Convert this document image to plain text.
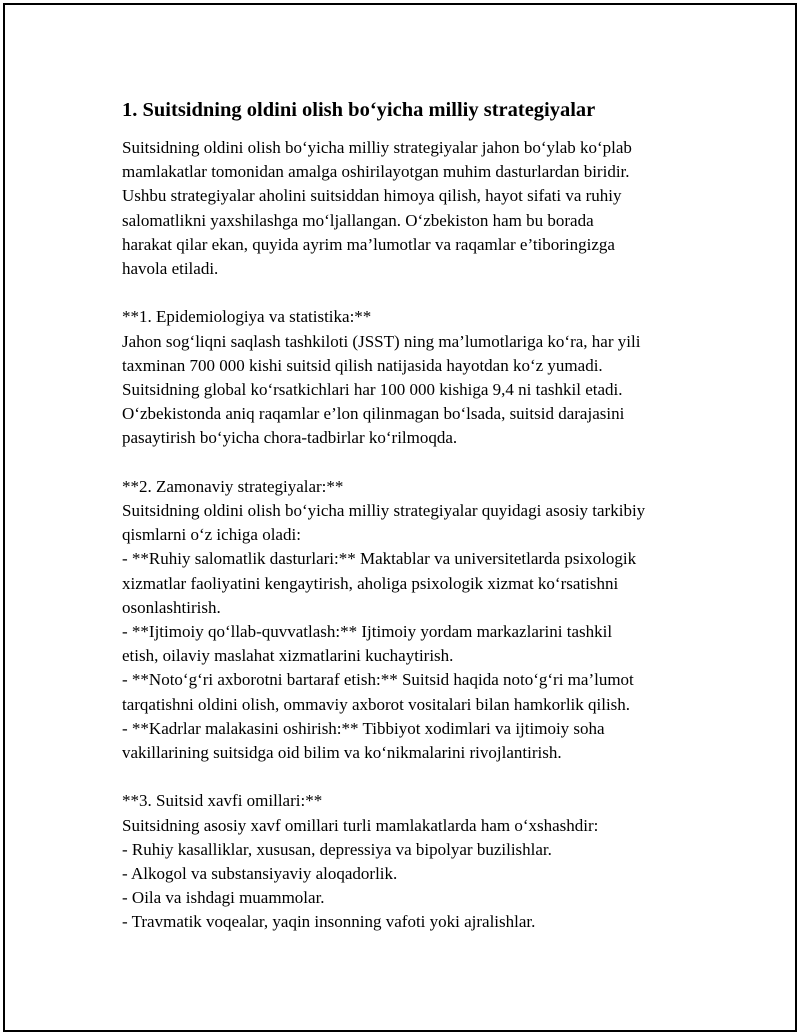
1. Suitsidning oldini olish bo‘yicha milliy strategiyalar

Suitsidning oldini olish bo‘yicha milliy strategiyalar jahon bo‘ylab ko‘plab

mamlakatlar tomonidan amalga oshirilayotgan muhim dasturlardan biridir.

Ushbu strategiyalar aholini suitsiddan himoya qilish, hayot sifati va ruhiy

salomatlikni yaxshilashga mo‘ljallangan. O‘zbekiston ham bu borada

harakat qilar ekan, quyida ayrim ma’lumotlar va raqamlar e’tiboringizga

havola etiladi.

**1. Epidemiologiya va statistika:**

Jahon sog‘liqni saqlash tashkiloti (JSST) ning ma’lumotlariga ko‘ra, har yili

taxminan 700 000 kishi suitsid qilish natijasida hayotdan ko‘z yumadi.

Suitsidning global ko‘rsatkichlari har 100 000 kishiga 9,4 ni tashkil etadi.

O‘zbekistonda aniq raqamlar e’lon qilinmagan bo‘lsada, suitsid darajasini

pasaytirish bo‘yicha chora-tadbirlar ko‘rilmoqda.

**2. Zamonaviy strategiyalar:**

Suitsidning oldini olish bo‘yicha milliy strategiyalar quyidagi asosiy tarkibiy

qismlarni o‘z ichiga oladi:

- **Ruhiy salomatlik dasturlari:** Maktablar va universitetlarda psixologik

xizmatlar faoliyatini kengaytirish, aholiga psixologik xizmat ko‘rsatishni

osonlashtirish.

- **Ijtimoiy qo‘llab-quvvatlash:** Ijtimoiy yordam markazlarini tashkil

etish, oilaviy maslahat xizmatlarini kuchaytirish.

- **Noto‘g‘ri axborotni bartaraf etish:** Suitsid haqida noto‘g‘ri ma’lumot

tarqatishni oldini olish, ommaviy axborot vositalari bilan hamkorlik qilish.

- **Kadrlar malakasini oshirish:** Tibbiyot xodimlari va ijtimoiy soha

vakillarining suitsidga oid bilim va ko‘nikmalarini rivojlantirish.

**3. Suitsid xavfi omillari:**

Suitsidning asosiy xavf omillari turli mamlakatlarda ham o‘xshashdir:

- Ruhiy kasalliklar, xususan, depressiya va bipolyar buzilishlar.

- Alkogol va substansiyaviy aloqadorlik.

- Oila va ishdagi muammolar.

- Travmatik voqealar, yaqin insonning vafoti yoki ajralishlar.
